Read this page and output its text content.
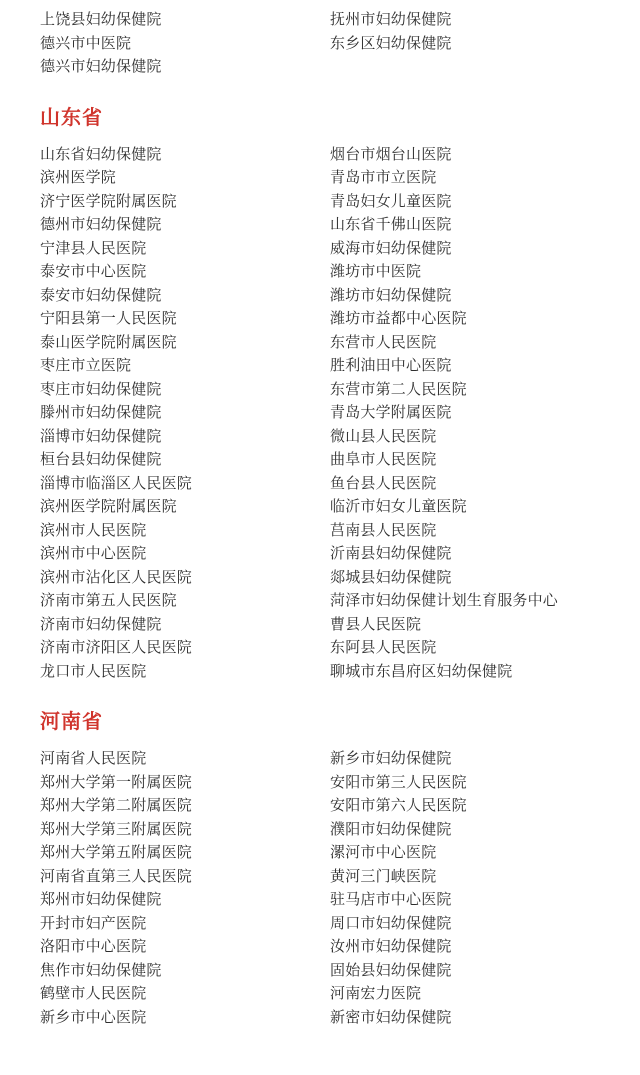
上饶县妇幼保健院	抚州市妇幼保健院
德兴市中医院	东乡区妇幼保健院
德兴市妇幼保健院
山东省
山东省妇幼保健院	烟台市烟台山医院
滨州医学院	青岛市市立医院
济宁医学院附属医院	青岛妇女儿童医院
德州市妇幼保健院	山东省千佛山医院
宁津县人民医院	威海市妇幼保健院
泰安市中心医院	潍坊市中医院
泰安市妇幼保健院	潍坊市妇幼保健院
宁阳县第一人民医院	潍坊市益都中心医院
泰山医学院附属医院	东营市人民医院
枣庄市立医院	胜利油田中心医院
枣庄市妇幼保健院	东营市第二人民医院
滕州市妇幼保健院	青岛大学附属医院
淄博市妇幼保健院	微山县人民医院
桓台县妇幼保健院	曲阜市人民医院
淄博市临淄区人民医院	鱼台县人民医院
滨州医学院附属医院	临沂市妇女儿童医院
滨州市人民医院	莒南县人民医院
滨州市中心医院	沂南县妇幼保健院
滨州市沾化区人民医院	郯城县妇幼保健院
济南市第五人民医院	菏泽市妇幼保健计划生育服务中心
济南市妇幼保健院	曹县人民医院
济南市济阳区人民医院	东阿县人民医院
龙口市人民医院	聊城市东昌府区妇幼保健院
河南省
河南省人民医院	新乡市妇幼保健院
郑州大学第一附属医院	安阳市第三人民医院
郑州大学第二附属医院	安阳市第六人民医院
郑州大学第三附属医院	濮阳市妇幼保健院
郑州大学第五附属医院	漯河市中心医院
河南省直第三人民医院	黄河三门峡医院
郑州市妇幼保健院	驻马店市中心医院
开封市妇产医院	周口市妇幼保健院
洛阳市中心医院	汝州市妇幼保健院
焦作市妇幼保健院	固始县妇幼保健院
鹤壁市人民医院	河南宏力医院
新乡市中心医院	新密市妇幼保健院
